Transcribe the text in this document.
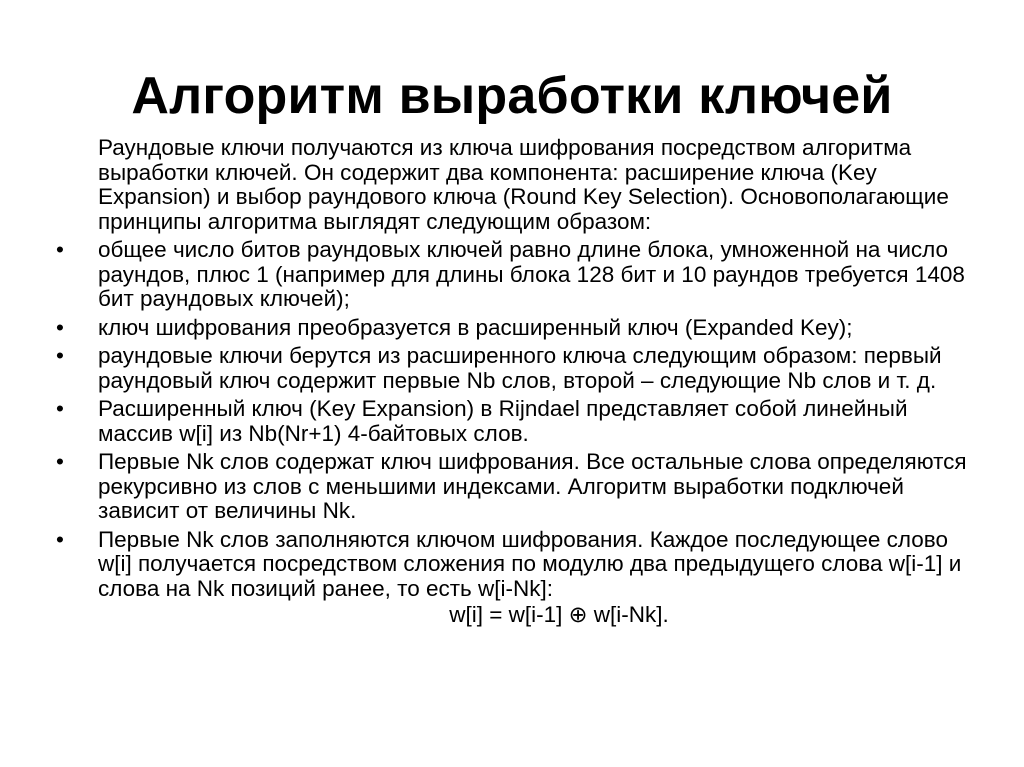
Алгоритм выработки ключей

Раундовые ключи получаются из ключа шифрования посредством алгоритма выработки ключей. Он содержит два компонента: расширение ключа (Key Expansion) и выбор раундового ключа (Round Key Selection). Основополагающие принципы алгоритма выглядят следующим образом:

• общее число битов раундовых ключей равно длине блока, умноженной на число раундов, плюс 1 (например для длины блока 128 бит и 10 раундов требуется 1408 бит раундовых ключей);
• ключ шифрования преобразуется в расширенный ключ (Expanded Key);
• раундовые ключи берутся из расширенного ключа следующим образом: первый раундовый ключ содержит первые Nb слов, второй – следующие Nb слов и т. д.
• Расширенный ключ (Key Expansion) в Rijndael представляет собой линейный массив w[i] из Nb(Nr+1) 4-байтовых слов.
• Первые Nk слов содержат ключ шифрования. Все остальные слова определяются рекурсивно из слов с меньшими индексами. Алгоритм выработки подключей зависит от величины Nk.
• Первые Nk слов заполняются ключом шифрования. Каждое последующее слово w[i] получается посредством сложения по модулю два предыдущего слова w[i-1] и слова на Nk позиций ранее, то есть w[i-Nk]:
w[i] = w[i-1] ⊕ w[i-Nk].
